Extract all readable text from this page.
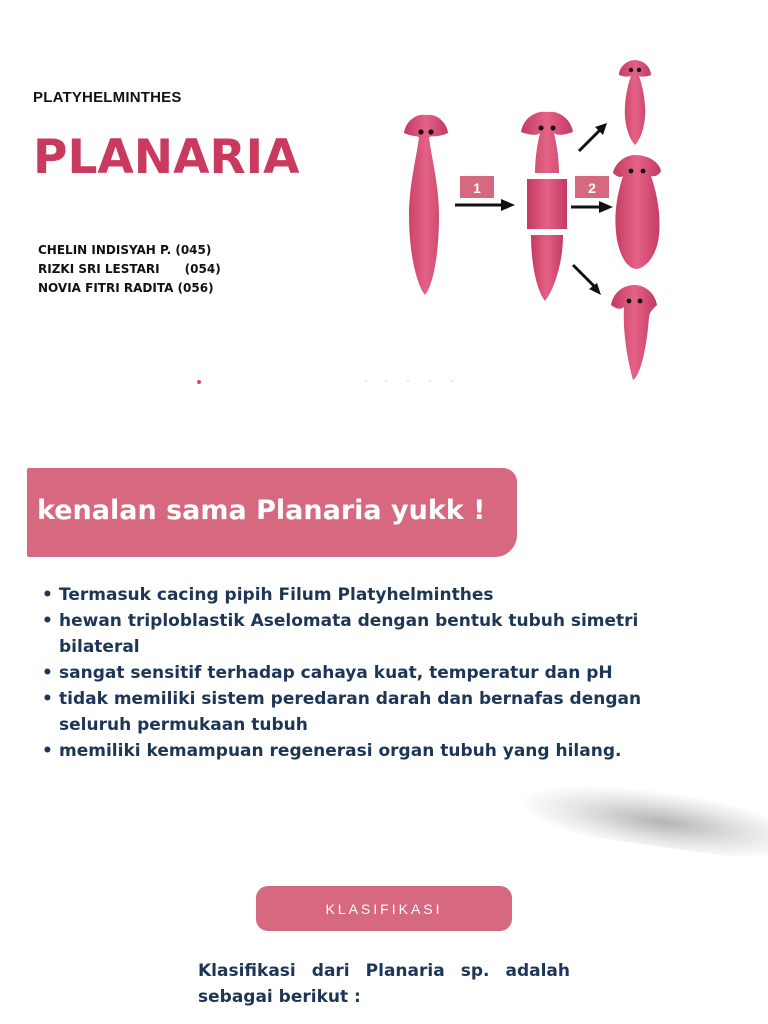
PLATYHELMINTHES
PLANARIA
CHELIN INDISYAH P. (045)
RIZKI SRI LESTARI      (054)
NOVIA FITRI RADITA (056)
1	2
kenalan sama Planaria yukk !
• Termasuk cacing pipih Filum Platyhelminthes
• hewan triploblastik Aselomata dengan bentuk tubuh simetri bilateral
• sangat sensitif terhadap cahaya kuat, temperatur dan pH
• tidak memiliki sistem peredaran darah dan bernafas dengan seluruh permukaan tubuh
• memiliki kemampuan regenerasi organ tubuh yang hilang.
KLASIFIKASI
Klasifikasi dari Planaria sp. adalah sebagai berikut :
